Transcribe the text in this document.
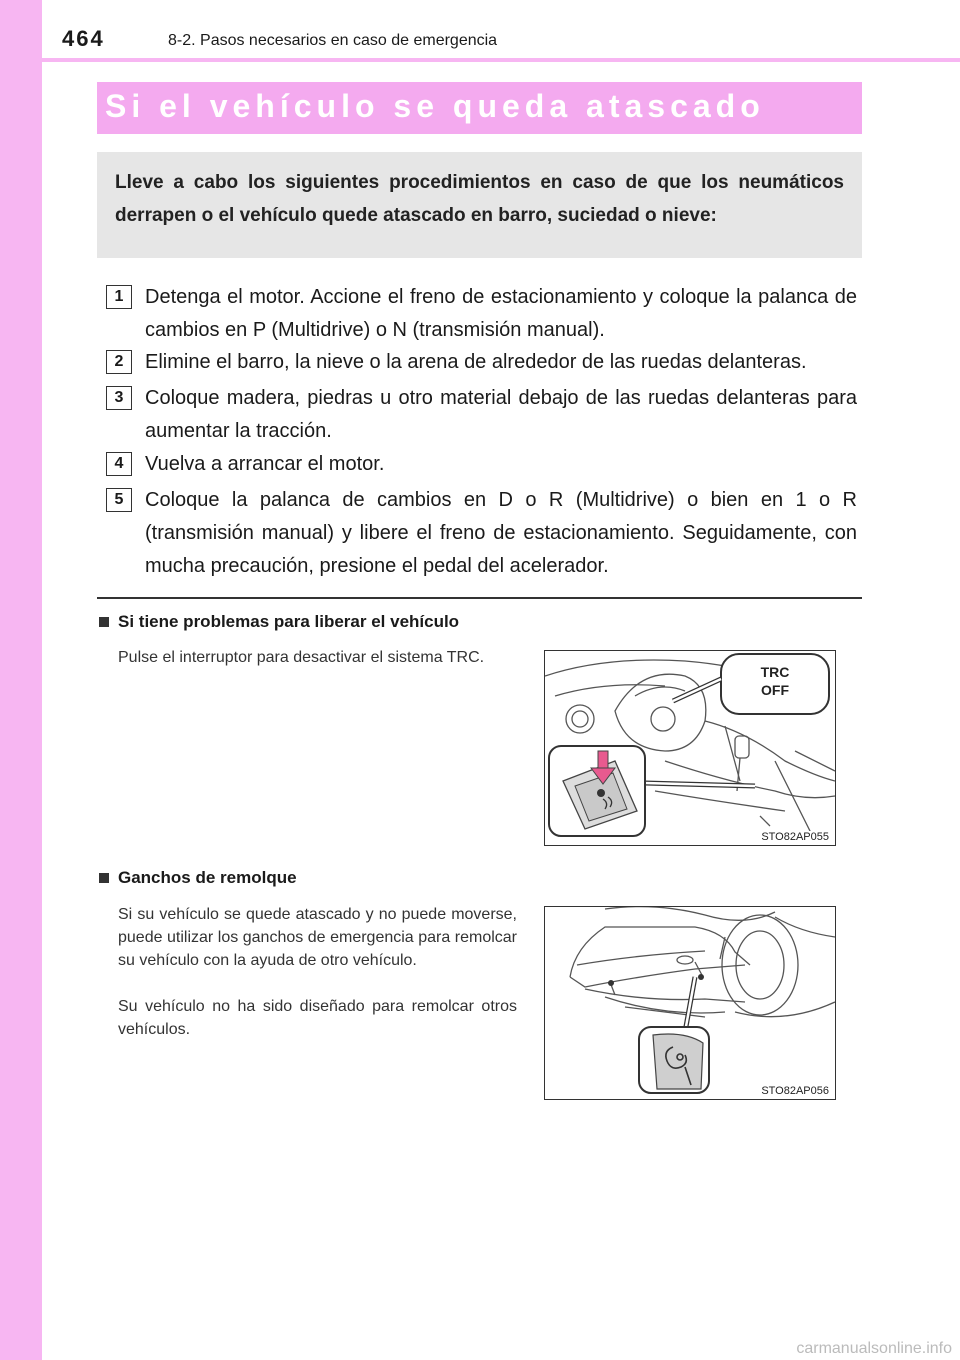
464	8-2. Pasos necesarios en caso de emergencia
Si el vehículo se queda atascado
Lleve a cabo los siguientes procedimientos en caso de que los neumáticos derrapen o el vehículo quede atascado en barro, suciedad o nieve:
1	Detenga el motor. Accione el freno de estacionamiento y coloque la palanca de cambios en P (Multidrive) o N (transmisión manual).
2	Elimine el barro, la nieve o la arena de alrededor de las ruedas delanteras.
3	Coloque madera, piedras u otro material debajo de las ruedas delanteras para aumentar la tracción.
4	Vuelva a arrancar el motor.
5	Coloque la palanca de cambios en D o R (Multidrive) o bien en 1 o R (transmisión manual) y libere el freno de estacionamiento. Seguidamente, con mucha precaución, presione el pedal del acelerador.
Si tiene problemas para liberar el vehículo
Pulse el interruptor para desactivar el sistema TRC.
TRC
OFF
STO82AP055
Ganchos de remolque
Si su vehículo se quede atascado y no puede moverse, puede utilizar los ganchos de emergencia para remolcar su vehículo con la ayuda de otro vehículo.
Su vehículo no ha sido diseñado para remolcar otros vehículos.
STO82AP056
carmanualsonline.info
